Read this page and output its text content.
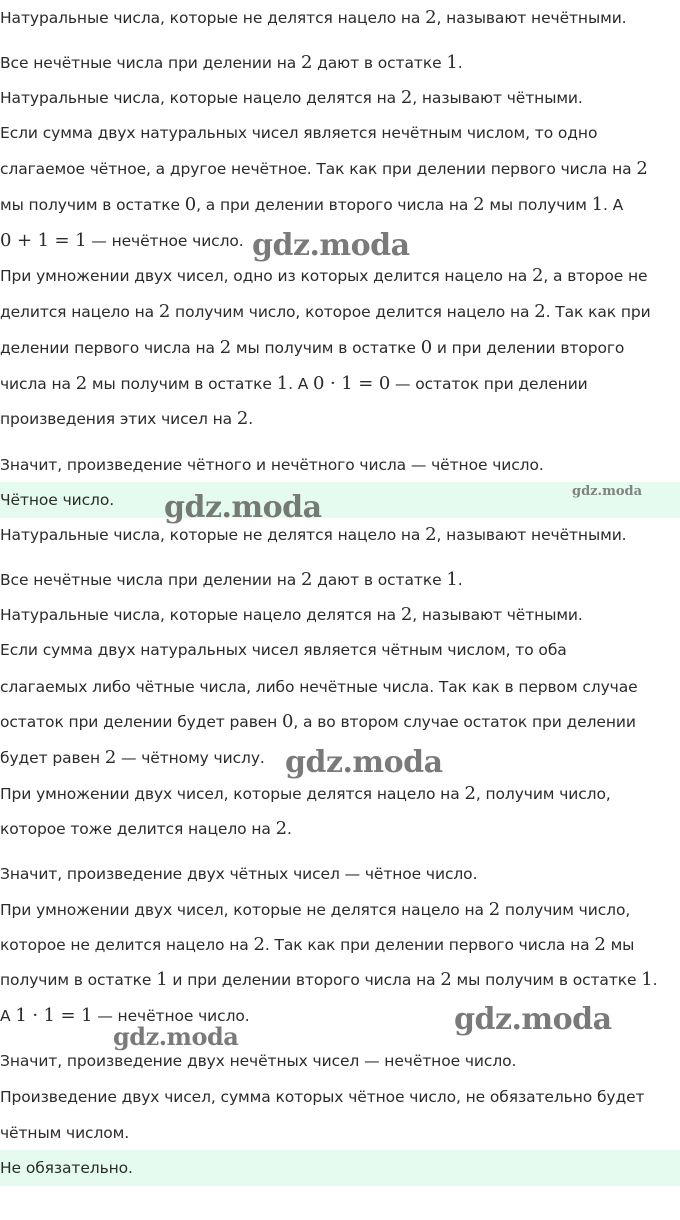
Натуральные числа, которые не делятся нацело на 2, называют нечётными.
Все нечётные числа при делении на 2 дают в остатке 1.
Натуральные числа, которые нацело делятся на 2, называют чётными.
Если сумма двух натуральных чисел является нечётным числом, то одно
слагаемое чётное, а другое нечётное. Так как при делении первого числа на 2
мы получим в остатке 0, а при делении второго числа на 2 мы получим 1. А
0 + 1 = 1 — нечётное число.
При умножении двух чисел, одно из которых делится нацело на 2, а второе не
делится нацело на 2 получим число, которое делится нацело на 2. Так как при
делении первого числа на 2 мы получим в остатке 0 и при делении второго
числа на 2 мы получим в остатке 1. А 0 · 1 = 0 — остаток при делении
произведения этих чисел на 2.
Значит, произведение чётного и нечётного числа — чётное число.
Чётное число.
Натуральные числа, которые не делятся нацело на 2, называют нечётными.
Все нечётные числа при делении на 2 дают в остатке 1.
Натуральные числа, которые нацело делятся на 2, называют чётными.
Если сумма двух натуральных чисел является чётным числом, то оба
слагаемых либо чётные числа, либо нечётные числа. Так как в первом случае
остаток при делении будет равен 0, а во втором случае остаток при делении
будет равен 2 — чётному числу.
При умножении двух чисел, которые делятся нацело на 2, получим число,
которое тоже делится нацело на 2.
Значит, произведение двух чётных чисел — чётное число.
При умножении двух чисел, которые не делятся нацело на 2 получим число,
которое не делится нацело на 2. Так как при делении первого числа на 2 мы
получим в остатке 1 и при делении второго числа на 2 мы получим в остатке 1.
А 1 · 1 = 1 — нечётное число.
Значит, произведение двух нечётных чисел — нечётное число.
Произведение двух чисел, сумма которых чётное число, не обязательно будет
чётным числом.
Не обязательно.
gdz.moda
gdz.moda	gdz.moda
gdz.moda
gdz.moda
gdz.moda
